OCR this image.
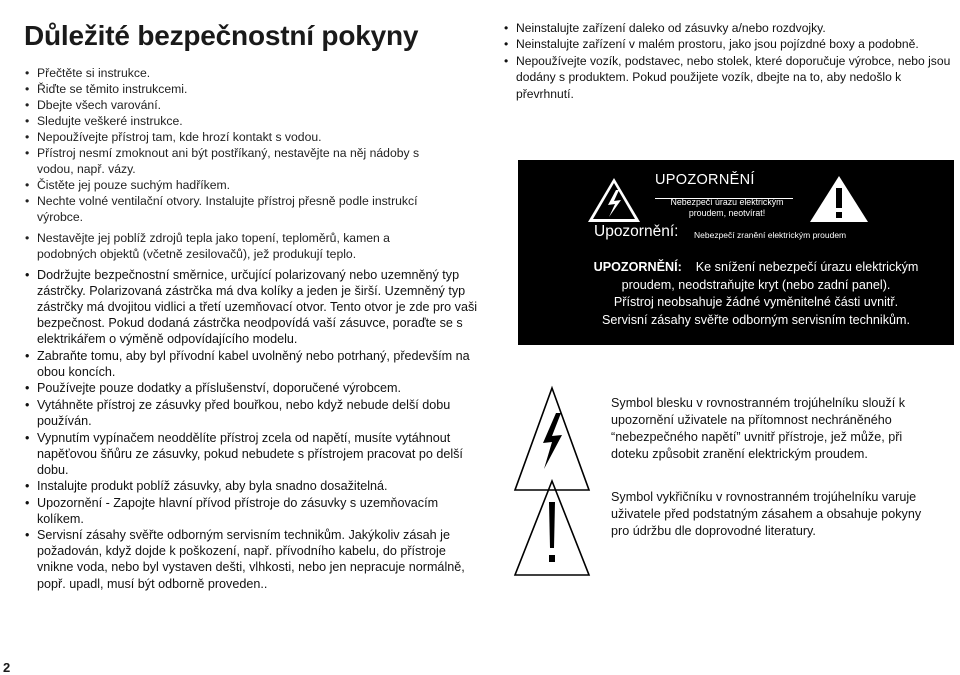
Důležité bezpečnostní pokyny
• Přečtěte si instrukce.
• Řiďte se těmito instrukcemi.
• Dbejte všech varování.
• Sledujte veškeré instrukce.
• Nepoužívejte přístroj tam, kde hrozí kontakt s vodou.
• Přístroj nesmí zmoknout ani být postříkaný, nestavějte na něj nádoby s vodou, např. vázy.
• Čistěte jej pouze suchým hadříkem.
• Nechte volné ventilační otvory. Instalujte přístroj přesně podle instrukcí výrobce.
• Nestavějte jej poblíž zdrojů tepla jako topení, teploměrů, kamen a podobných objektů (včetně zesilovačů), jež produkují teplo.
• Dodržujte bezpečnostní směrnice, určující polarizovaný nebo uzemněný typ zástrčky. Polarizovaná zástrčka má dva kolíky a jeden je širší. Uzemněný typ zástrčky má dvojitou vidlici a třetí uzemňovací otvor. Tento otvor je zde pro vaši bezpečnost. Pokud dodaná zástrčka neodpovídá vaší zásuvce, poraďte se s elektrikářem o výměně odpovídajícího modelu.
• Zabraňte tomu, aby byl přívodní kabel uvolněný nebo potrhaný, především na obou koncích.
• Používejte pouze dodatky a příslušenství, doporučené výrobcem.
• Vytáhněte přístroj ze zásuvky před bouřkou, nebo když nebude delší dobu používán.
• Vypnutím vypínačem neoddělíte přístroj zcela od napětí, musíte vytáhnout napěťovou šňůru ze zásuvky, pokud nebudete s přístrojem pracovat po delší dobu.
• Instalujte produkt poblíž zásuvky, aby byla snadno dosažitelná.
• Upozornění - Zapojte hlavní přívod přístroje do zásuvky s uzemňovacím kolíkem.
• Servisní zásahy svěřte odborným servisním technikům. Jakýkoliv zásah je požadován, když dojde k poškození, např. přívodního kabelu, do přístroje vnikne voda, nebo byl vystaven dešti, vlhkosti, nebo jen nepracuje normálně, popř. upadl, musí být odborně proveden..
• Neinstalujte zařízení daleko od zásuvky a/nebo rozdvojky.
• Neinstalujte zařízení v malém prostoru, jako jsou pojízdné boxy a podobně.
• Nepoužívejte vozík, podstavec, nebo stolek, které doporučuje výrobce, nebo jsou dodány s produktem. Pokud použijete vozík, dbejte na to, aby nedošlo k převrhnutí.
UPOZORNĚNÍ
Nebezpečí úrazu elektrickým proudem, neotvírat!
Upozornění: Nebezpečí zranění elektrickým proudem
UPOZORNĚNÍ: Ke snížení nebezpečí úrazu elektrickým
proudem, neodstraňujte kryt (nebo zadní panel).
Přístroj neobsahuje žádné vyměnitelné části uvnitř.
Servisní zásahy svěřte odborným servisním technikům.
Symbol blesku v rovnostranném trojúhelníku slouží k upozornění uživatele na přítomnost nechráněného “nebezpečného napětí” uvnitř přístroje, jež může, při doteku způsobit zranění elektrickým proudem.
Symbol vykřičníku v rovnostranném trojúhelníku varuje uživatele před podstatným zásahem a obsahuje pokyny pro údržbu dle doprovodné literatury.
2
